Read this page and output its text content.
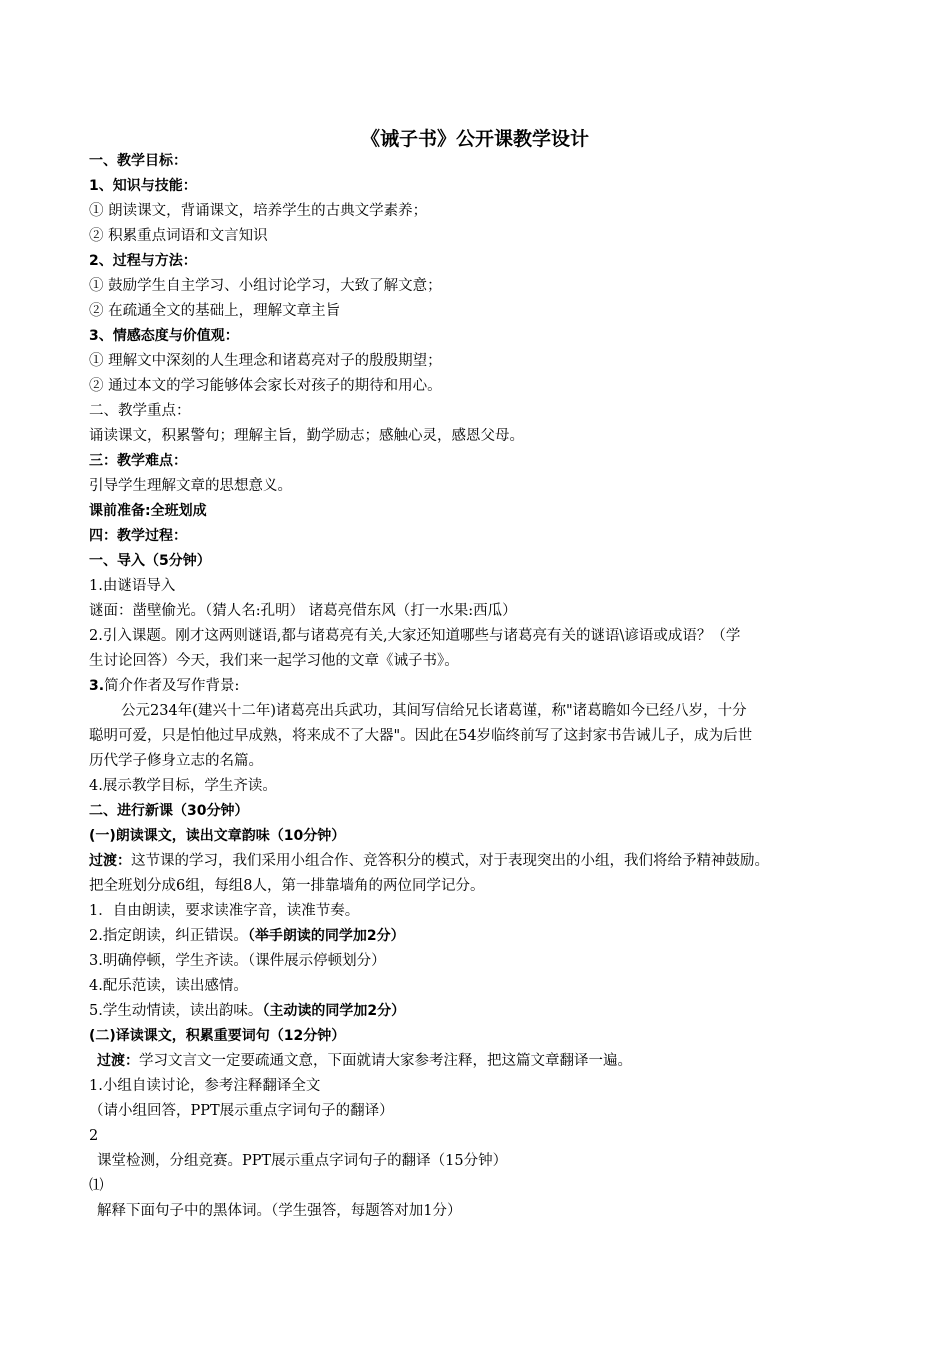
《诫子书》公开课教学设计
一、教学目标：
1、知识与技能：
① 朗读课文，背诵课文，培养学生的古典文学素养；
② 积累重点词语和文言知识
2、过程与方法：
① 鼓励学生自主学习、小组讨论学习，大致了解文意；
② 在疏通全文的基础上，理解文章主旨
3、情感态度与价值观：
① 理解文中深刻的人生理念和诸葛亮对子的殷殷期望；
② 通过本文的学习能够体会家长对孩子的期待和用心。
二、教学重点：
诵读课文，积累警句；理解主旨，勤学励志；感触心灵，感恩父母。
三：教学难点：
引导学生理解文章的思想意义。
课前准备:全班划成
四：教学过程：
一、导入（5分钟）
1.由谜语导入
谜面：凿壁偷光。（猜人名:孔明） 诸葛亮借东风（打一水果:西瓜）
2.引入课题。刚才这两则谜语,都与诸葛亮有关,大家还知道哪些与诸葛亮有关的谜语\谚语或成语？（学
生讨论回答）今天，我们来一起学习他的文章《诫子书》。
3.简介作者及写作背景:
公元234年(建兴十二年)诸葛亮出兵武功，其间写信给兄长诸葛谨，称"诸葛瞻如今已经八岁，十分
聪明可爱，只是怕他过早成熟，将来成不了大器"。因此在54岁临终前写了这封家书告诫儿子，成为后世
历代学子修身立志的名篇。
4.展示教学目标，学生齐读。
二、进行新课（30分钟）
(一)朗读课文，读出文章韵味（10分钟）
过渡：这节课的学习，我们采用小组合作、竞答积分的模式，对于表现突出的小组，我们将给予精神鼓励。
把全班划分成6组，每组8人，第一排靠墙角的两位同学记分。
1．自由朗读，要求读准字音，读准节奏。
2.指定朗读，纠正错误。（举手朗读的同学加2分）
3.明确停顿，学生齐读。（课件展示停顿划分）
4.配乐范读，读出感情。
5.学生动情读，读出韵味。（主动读的同学加2分）
(二)译读课文，积累重要词句（12分钟）
过渡：学习文言文一定要疏通文意，下面就请大家参考注释，把这篇文章翻译一遍。
1.小组自读讨论，参考注释翻译全文
（请小组回答，PPT展示重点字词句子的翻译）
2
课堂检测，分组竞赛。PPT展示重点字词句子的翻译（15分钟）
⑴
解释下面句子中的黑体词。（学生强答，每题答对加1分）
